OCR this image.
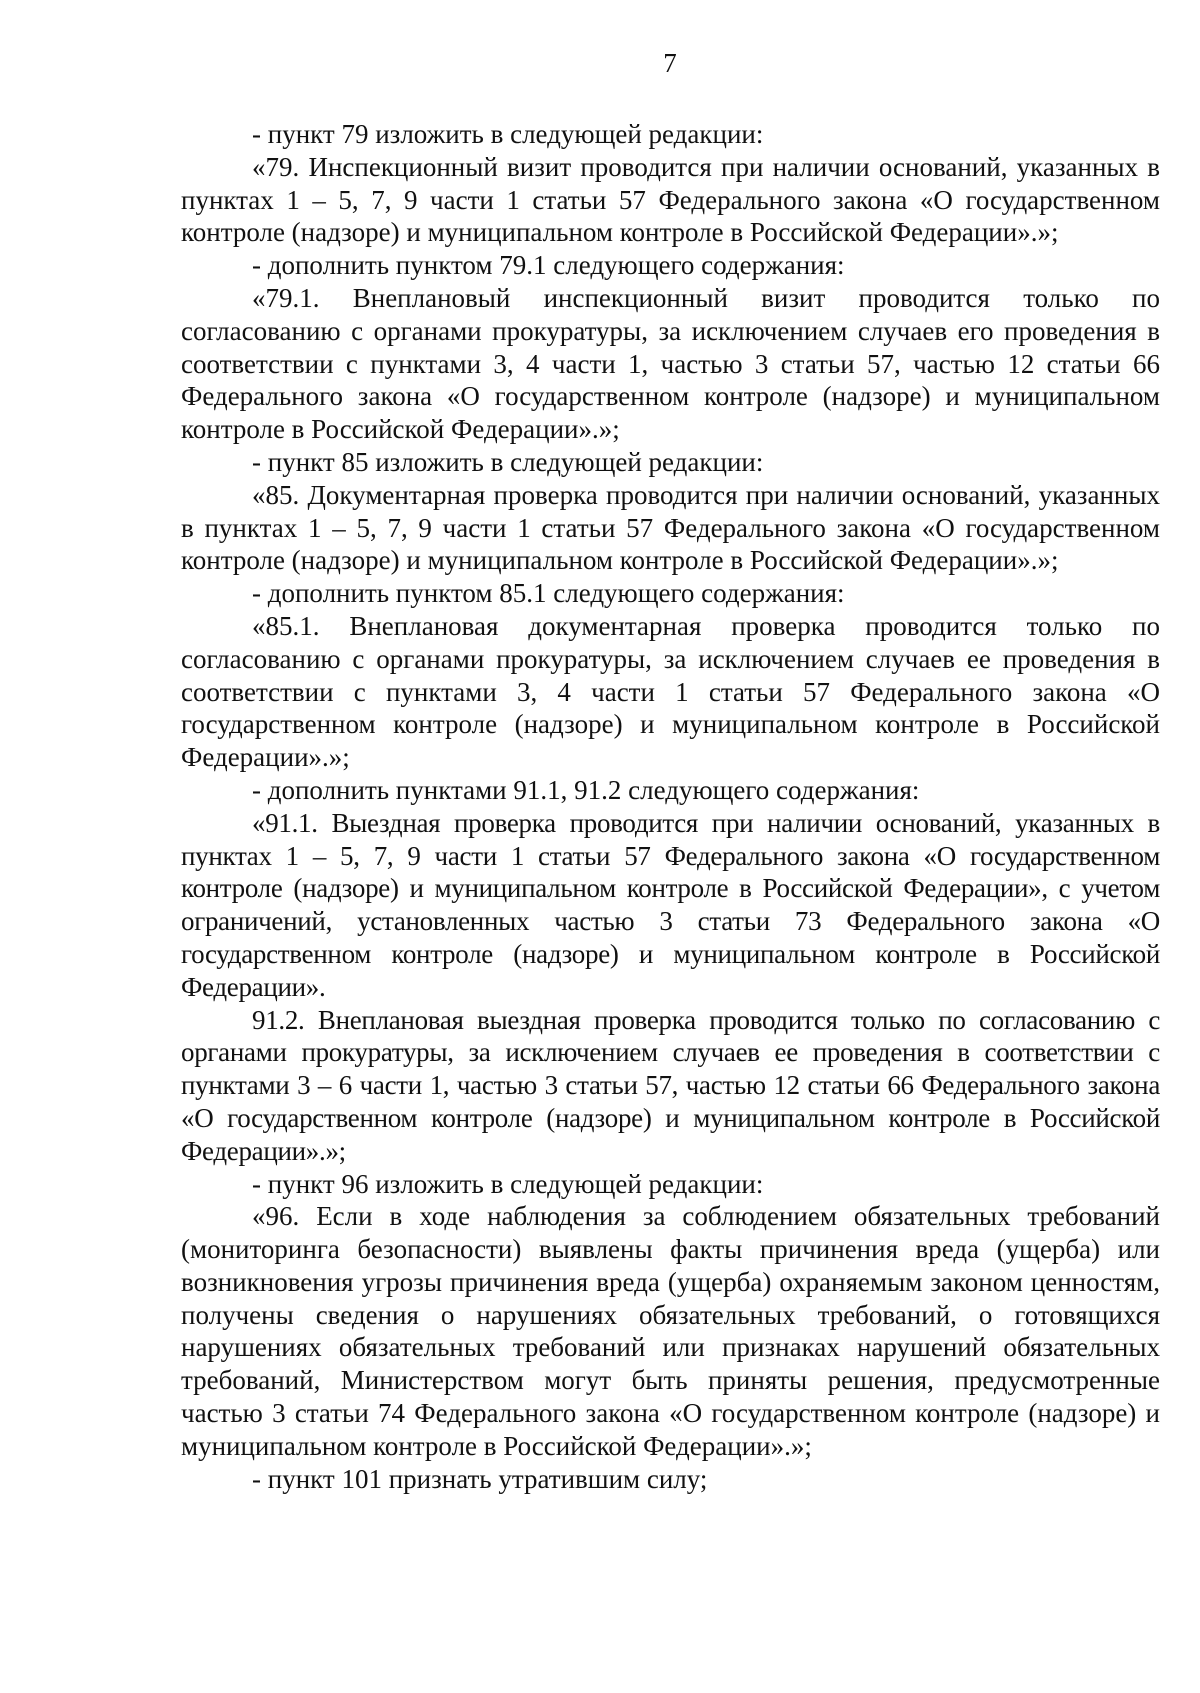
7

- пункт 79 изложить в следующей редакции:

«79. Инспекционный визит проводится при наличии оснований, указанных в пунктах 1 – 5, 7, 9 части 1 статьи 57 Федерального закона «О государственном контроле (надзоре) и муниципальном контроле в Российской Федерации».»;

- дополнить пунктом 79.1 следующего содержания:

«79.1. Внеплановый инспекционный визит проводится только по согласованию с органами прокуратуры, за исключением случаев его проведения в соответствии с пунктами 3, 4 части 1, частью 3 статьи 57, частью 12 статьи 66 Федерального закона «О государственном контроле (надзоре) и муниципальном контроле в Российской Федерации».»;

- пункт 85 изложить в следующей редакции:

«85. Документарная проверка проводится при наличии оснований, указанных в пунктах 1 – 5, 7, 9 части 1 статьи 57 Федерального закона «О государственном контроле (надзоре) и муниципальном контроле в Российской Федерации».»;

- дополнить пунктом 85.1 следующего содержания:

«85.1. Внеплановая документарная проверка проводится только по согласованию с органами прокуратуры, за исключением случаев ее проведения в соответствии с пунктами 3, 4 части 1 статьи 57 Федерального закона «О государственном контроле (надзоре) и муниципальном контроле в Российской Федерации».»;

- дополнить пунктами 91.1, 91.2 следующего содержания:

«91.1. Выездная проверка проводится при наличии оснований, указанных в пунктах 1 – 5, 7, 9 части 1 статьи 57 Федерального закона «О государственном контроле (надзоре) и муниципальном контроле в Российской Федерации», с учетом ограничений, установленных частью 3 статьи 73 Федерального закона «О государственном контроле (надзоре) и муниципальном контроле в Российской Федерации».

91.2. Внеплановая выездная проверка проводится только по согласованию с органами прокуратуры, за исключением случаев ее проведения в соответствии с пунктами 3 – 6 части 1, частью 3 статьи 57, частью 12 статьи 66 Федерального закона «О государственном контроле (надзоре) и муниципальном контроле в Российской Федерации».»;

- пункт 96 изложить в следующей редакции:

«96. Если в ходе наблюдения за соблюдением обязательных требований (мониторинга безопасности) выявлены факты причинения вреда (ущерба) или возникновения угрозы причинения вреда (ущерба) охраняемым законом ценностям, получены сведения о нарушениях обязательных требований, о готовящихся нарушениях обязательных требований или признаках нарушений обязательных требований, Министерством могут быть приняты решения, предусмотренные частью 3 статьи 74 Федерального закона «О государственном контроле (надзоре) и муниципальном контроле в Российской Федерации».»;

- пункт 101 признать утратившим силу;
